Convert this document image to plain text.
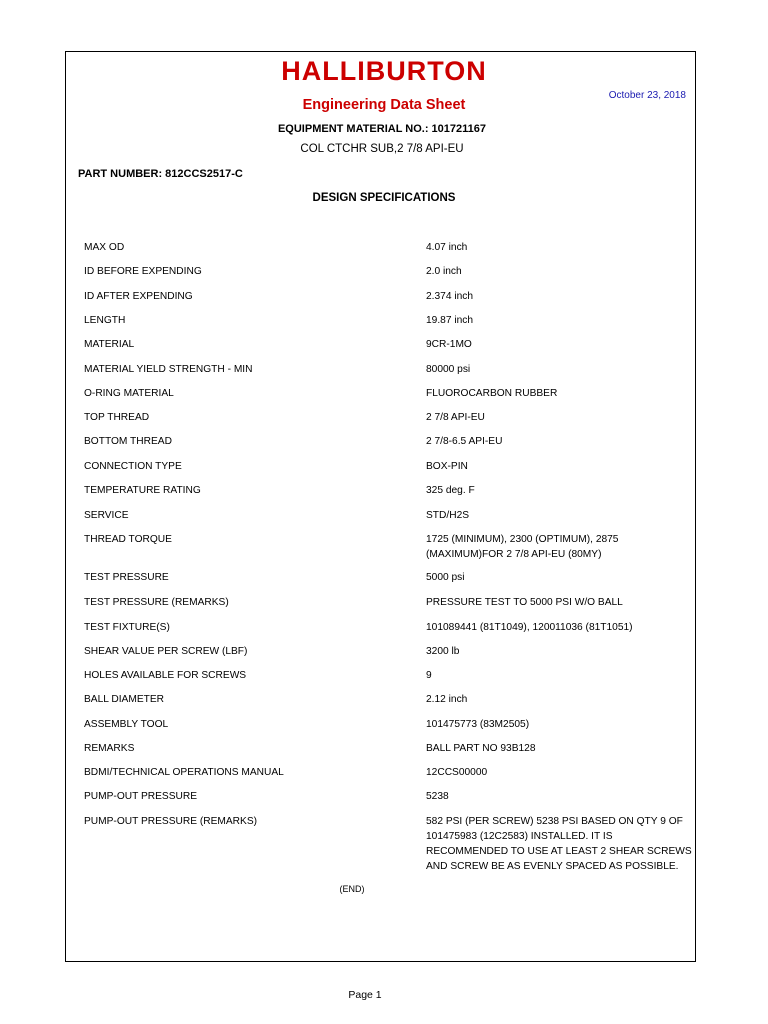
HALLIBURTON
October 23, 2018
Engineering Data Sheet
EQUIPMENT MATERIAL NO.: 101721167
COL CTCHR SUB,2 7/8 API-EU
PART NUMBER: 812CCS2517-C
DESIGN SPECIFICATIONS
MAX OD	4.07 inch
ID BEFORE EXPENDING	2.0 inch
ID AFTER EXPENDING	2.374 inch
LENGTH	19.87 inch
MATERIAL	9CR-1MO
MATERIAL YIELD STRENGTH - MIN	80000 psi
O-RING MATERIAL	FLUOROCARBON RUBBER
TOP THREAD	2 7/8 API-EU
BOTTOM THREAD	2 7/8-6.5 API-EU
CONNECTION TYPE	BOX-PIN
TEMPERATURE RATING	325 deg. F
SERVICE	STD/H2S
THREAD TORQUE	1725 (MINIMUM), 2300 (OPTIMUM), 2875
(MAXIMUM)FOR 2 7/8 API-EU (80MY)
TEST PRESSURE	5000 psi
TEST PRESSURE (REMARKS)	PRESSURE TEST TO 5000 PSI W/O BALL
TEST FIXTURE(S)	101089441 (81T1049), 120011036 (81T1051)
SHEAR VALUE PER SCREW (LBF)	3200 lb
HOLES AVAILABLE FOR SCREWS	9
BALL DIAMETER	2.12 inch
ASSEMBLY TOOL	101475773 (83M2505)
REMARKS	BALL PART NO 93B128
BDMI/TECHNICAL OPERATIONS MANUAL	12CCS00000
PUMP-OUT PRESSURE	5238
PUMP-OUT PRESSURE (REMARKS)	582 PSI (PER SCREW) 5238 PSI BASED ON QTY 9 OF
101475983 (12C2583) INSTALLED. IT IS
RECOMMENDED TO USE AT LEAST 2 SHEAR SCREWS
AND SCREW BE AS EVENLY SPACED AS POSSIBLE.
(END)
Page 1
